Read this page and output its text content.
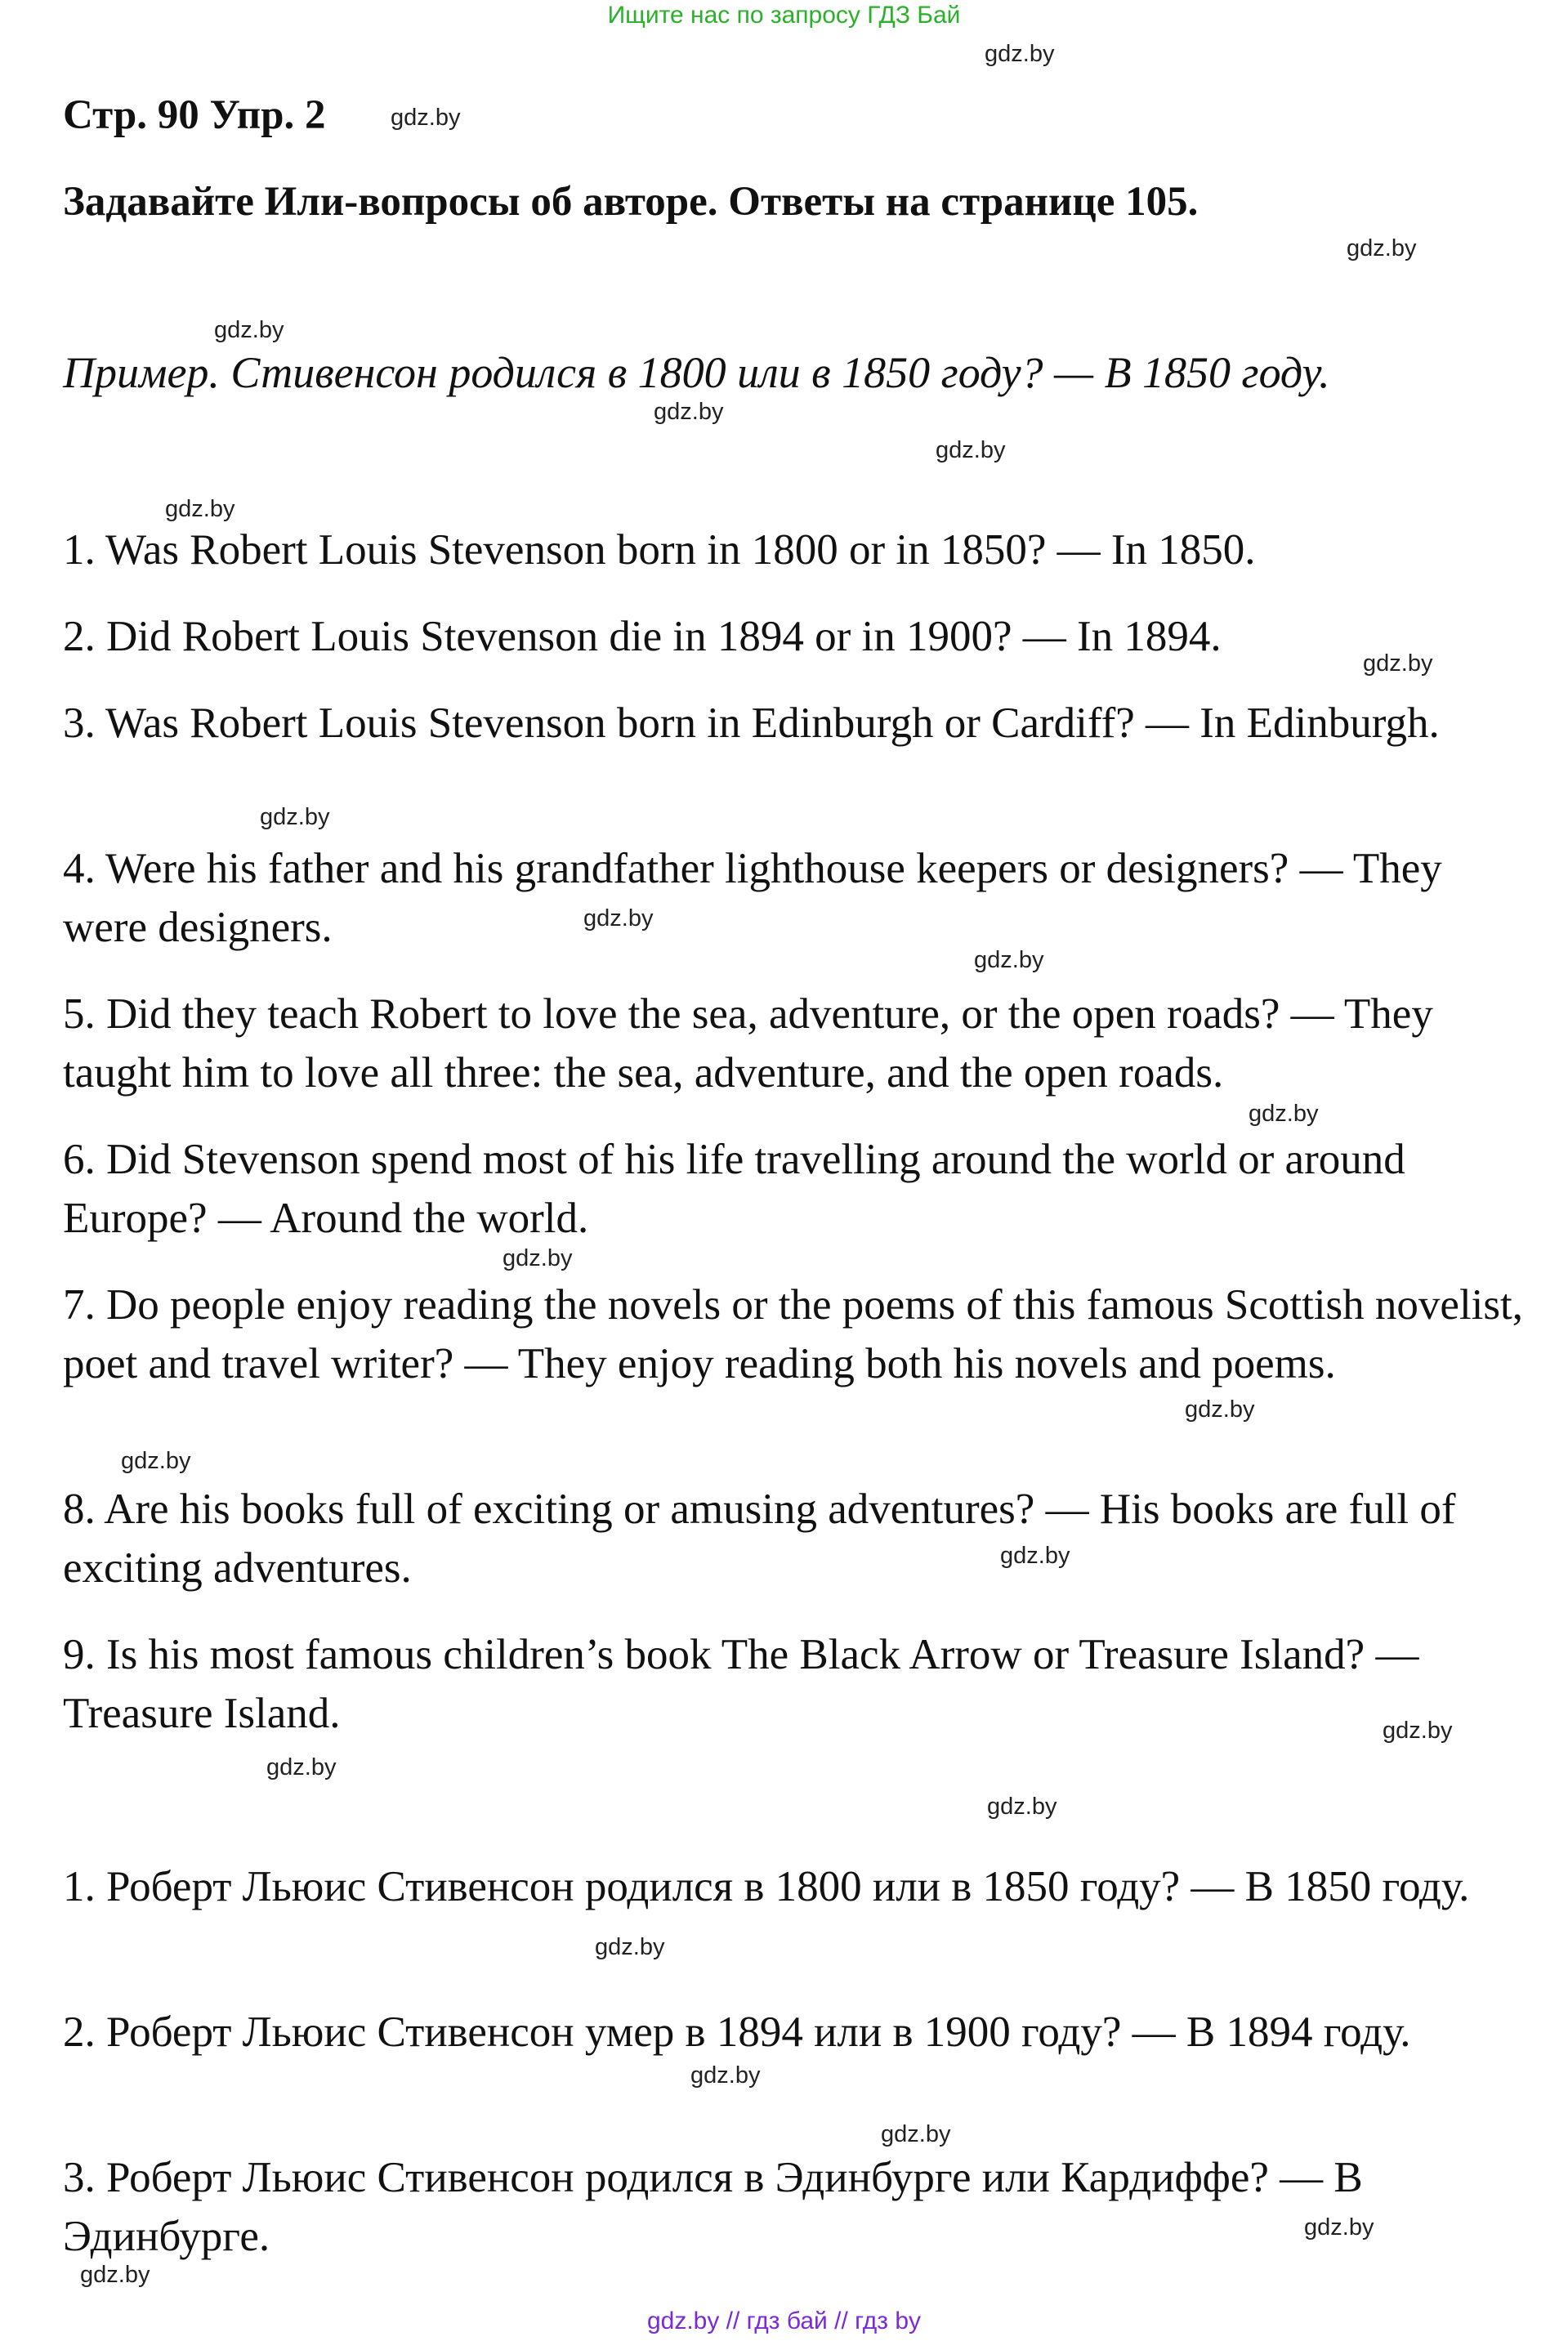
Ищите нас по запросу ГДЗ Бай
Стр. 90 Упр. 2
Задавайте Или-вопросы об авторе. Ответы на странице 105.
Пример. Стивенсон родился в 1800 или в 1850 году? — В 1850 году.
1. Was Robert Louis Stevenson born in 1800 or in 1850? — In 1850.
2. Did Robert Louis Stevenson die in 1894 or in 1900? — In 1894.
3. Was Robert Louis Stevenson born in Edinburgh or Cardiff? — In Edinburgh.
4. Were his father and his grandfather lighthouse keepers or designers? — They were designers.
5. Did they teach Robert to love the sea, adventure, or the open roads? — They taught him to love all three: the sea, adventure, and the open roads.
6. Did Stevenson spend most of his life travelling around the world or around Europe? — Around the world.
7. Do people enjoy reading the novels or the poems of this famous Scottish novelist, poet and travel writer? — They enjoy reading both his novels and poems.
8. Are his books full of exciting or amusing adventures? — His books are full of exciting adventures.
9. Is his most famous children’s book The Black Arrow or Treasure Island? — Treasure Island.
1. Роберт Льюис Стивенсон родился в 1800 или в 1850 году? — В 1850 году.
2. Роберт Льюис Стивенсон умер в 1894 или в 1900 году? — В 1894 году.
3. Роберт Льюис Стивенсон родился в Эдинбурге или Кардиффе? — В Эдинбурге.
gdz.by
gdz.by
gdz.by
gdz.by
gdz.by
gdz.by
gdz.by
gdz.by
gdz.by
gdz.by
gdz.by
gdz.by
gdz.by
gdz.by
gdz.by
gdz.by
gdz.by
gdz.by
gdz.by
gdz.by
gdz.by
gdz.by
gdz.by
gdz.by
gdz.by // гдз бай // гдз by
